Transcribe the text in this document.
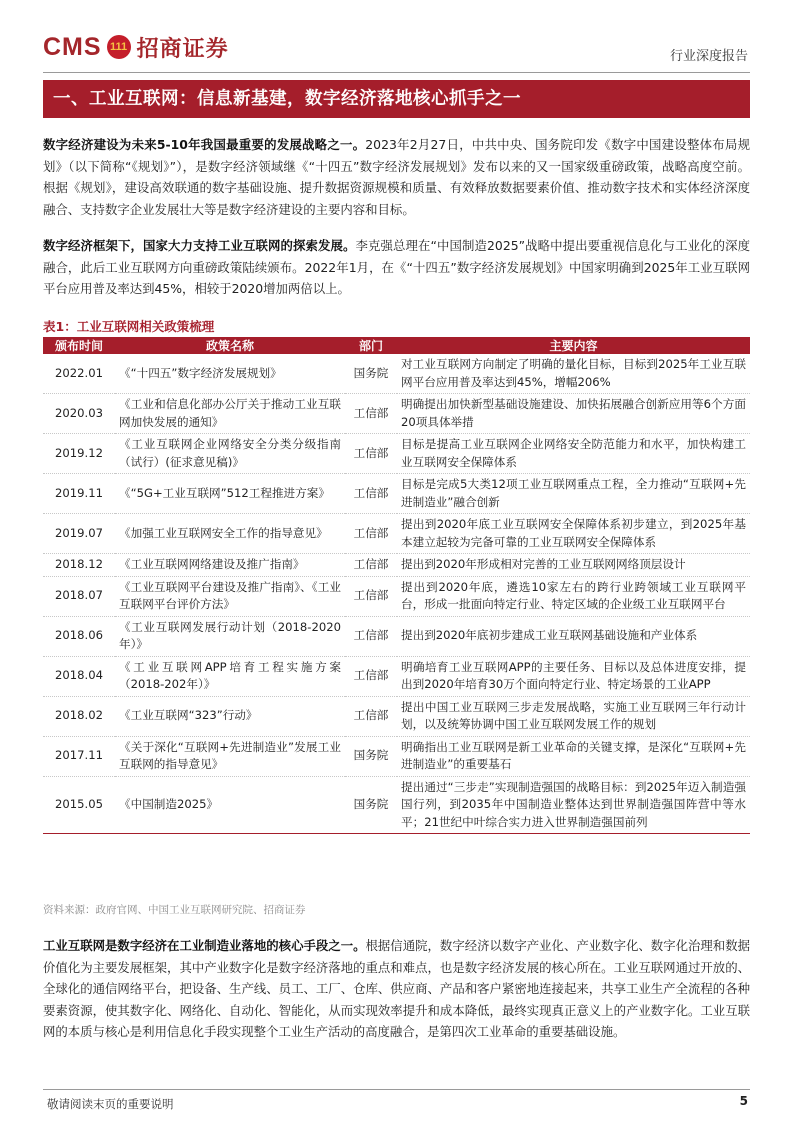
CMS 111 招商证券	行业深度报告
一、工业互联网：信息新基建，数字经济落地核心抓手之一

数字经济建设为未来5-10年我国最重要的发展战略之一。2023年2月27日，中共中央、国务院印发《数字中国建设整体布局规划》（以下简称“《规划》”），是数字经济领域继《“十四五”数字经济发展规划》发布以来的又一国家级重磅政策，战略高度空前。根据《规划》，建设高效联通的数字基础设施、提升数据资源规模和质量、有效释放数据要素价值、推动数字技术和实体经济深度融合、支持数字企业发展壮大等是数字经济建设的主要内容和目标。

数字经济框架下，国家大力支持工业互联网的探索发展。李克强总理在“中国制造2025”战略中提出要重视信息化与工业化的深度融合，此后工业互联网方向重磅政策陆续颁布。2022年1月，在《“十四五”数字经济发展规划》中国家明确到2025年工业互联网平台应用普及率达到45%，相较于2020增加两倍以上。

表1：工业互联网相关政策梳理
颁布时间	政策名称	部门	主要内容
2022.01	《“十四五”数字经济发展规划》	国务院	对工业互联网方向制定了明确的量化目标，目标到2025年工业互联网平台应用普及率达到45%，增幅206%
2020.03	《工业和信息化部办公厅关于推动工业互联网加快发展的通知》	工信部	明确提出加快新型基础设施建设、加快拓展融合创新应用等6个方面20项具体举措
2019.12	《工业互联网企业网络安全分类分级指南（试行）(征求意见稿)》	工信部	目标是提高工业互联网企业网络安全防范能力和水平，加快构建工业互联网安全保障体系
2019.11	《“5G+工业互联网”512工程推进方案》	工信部	目标是完成5大类12项工业互联网重点工程，全力推动“互联网+先进制造业”融合创新
2019.07	《加强工业互联网安全工作的指导意见》	工信部	提出到2020年底工业互联网安全保障体系初步建立，到2025年基本建立起较为完备可靠的工业互联网安全保障体系
2018.12	《工业互联网网络建设及推广指南》	工信部	提出到2020年形成相对完善的工业互联网网络顶层设计
2018.07	《工业互联网平台建设及推广指南》、《工业互联网平台评价方法》	工信部	提出到2020年底，遴选10家左右的跨行业跨领域工业互联网平台，形成一批面向特定行业、特定区域的企业级工业互联网平台
2018.06	《工业互联网发展行动计划（2018-2020年）》	工信部	提出到2020年底初步建成工业互联网基础设施和产业体系
2018.04	《工业互联网APP培育工程实施方案（2018-202年）》	工信部	明确培育工业互联网APP的主要任务、目标以及总体进度安排，提出到2020年培育30万个面向特定行业、特定场景的工业APP
2018.02	《工业互联网“323”行动》	工信部	提出中国工业互联网三步走发展战略，实施工业互联网三年行动计划，以及统筹协调中国工业互联网发展工作的规划
2017.11	《关于深化“互联网+先进制造业”发展工业互联网的指导意见》	国务院	明确指出工业互联网是新工业革命的关键支撑，是深化“互联网+先进制造业”的重要基石
2015.05	《中国制造2025》	国务院	提出通过“三步走”实现制造强国的战略目标：到2025年迈入制造强国行列，到2035年中国制造业整体达到世界制造强国阵营中等水平；21世纪中叶综合实力进入世界制造强国前列
资料来源：政府官网、中国工业互联网研究院、招商证券

工业互联网是数字经济在工业制造业落地的核心手段之一。根据信通院，数字经济以数字产业化、产业数字化、数字化治理和数据价值化为主要发展框架，其中产业数字化是数字经济落地的重点和难点，也是数字经济发展的核心所在。工业互联网通过开放的、全球化的通信网络平台，把设备、生产线、员工、工厂、仓库、供应商、产品和客户紧密地连接起来，共享工业生产全流程的各种要素资源，使其数字化、网络化、自动化、智能化，从而实现效率提升和成本降低，最终实现真正意义上的产业数字化。工业互联网的本质与核心是利用信息化手段实现整个工业生产活动的高度融合，是第四次工业革命的重要基础设施。

敬请阅读末页的重要说明	5
